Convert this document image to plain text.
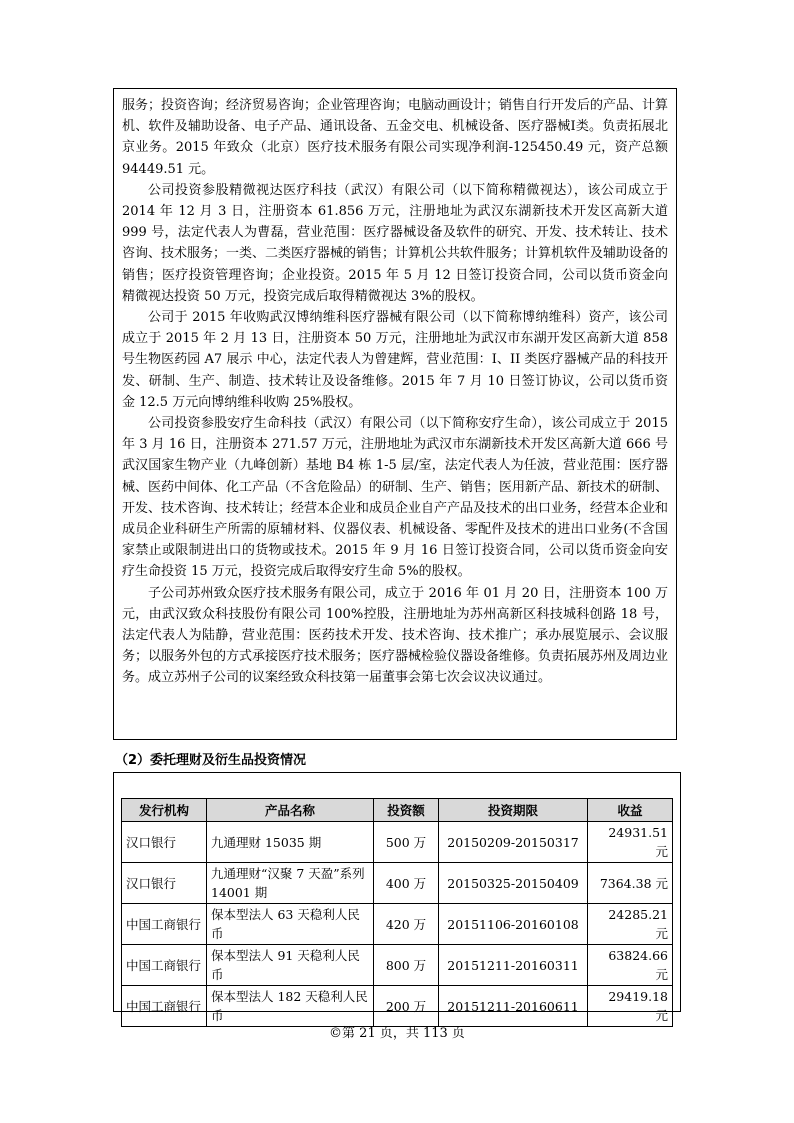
服务；投资咨询；经济贸易咨询；企业管理咨询；电脑动画设计；销售自行开发后的产品、计算机、软件及辅助设备、电子产品、通讯设备、五金交电、机械设备、医疗器械Ⅰ类。负责拓展北京业务。2015 年致众（北京）医疗技术服务有限公司实现净利润-125450.49 元，资产总额 94449.51 元。

公司投资参股精微视达医疗科技（武汉）有限公司（以下简称精微视达），该公司成立于 2014 年 12 月 3 日，注册资本 61.856 万元，注册地址为武汉东湖新技术开发区高新大道 999 号，法定代表人为曹磊，营业范围：医疗器械设备及软件的研究、开发、技术转让、技术咨询、技术服务；一类、二类医疗器械的销售；计算机公共软件服务；计算机软件及辅助设备的销售；医疗投资管理咨询；企业投资。2015 年 5 月 12 日签订投资合同，公司以货币资金向精微视达投资 50 万元，投资完成后取得精微视达 3%的股权。

公司于 2015 年收购武汉博纳维科医疗器械有限公司（以下简称博纳维科）资产，该公司成立于 2015 年 2 月 13 日，注册资本 50 万元，注册地址为武汉市东湖开发区高新大道 858 号生物医药园 A7 展示 中心，法定代表人为曾建辉，营业范围：I、II 类医疗器械产品的科技开发、研制、生产、制造、技术转让及设备维修。2015 年 7 月 10 日签订协议，公司以货币资金 12.5 万元向博纳维科收购 25%股权。

公司投资参股安疗生命科技（武汉）有限公司（以下简称安疗生命），该公司成立于 2015 年 3 月 16 日，注册资本 271.57 万元，注册地址为武汉市东湖新技术开发区高新大道 666 号武汉国家生物产业（九峰创新）基地 B4 栋 1-5 层/室，法定代表人为任波，营业范围：医疗器械、医药中间体、化工产品（不含危险品）的研制、生产、销售；医用新产品、新技术的研制、开发、技术咨询、技术转让；经营本企业和成员企业自产产品及技术的出口业务，经营本企业和成员企业科研生产所需的原辅材料、仪器仪表、机械设备、零配件及技术的进出口业务(不含国家禁止或限制进出口的货物或技术。2015 年 9 月 16 日签订投资合同，公司以货币资金向安疗生命投资 15 万元，投资完成后取得安疗生命 5%的股权。

子公司苏州致众医疗技术服务有限公司，成立于 2016 年 01 月 20 日，注册资本 100 万元，由武汉致众科技股份有限公司 100%控股，注册地址为苏州高新区科技城科创路 18 号，法定代表人为陆静，营业范围：医药技术开发、技术咨询、技术推广；承办展览展示、会议服务；以服务外包的方式承接医疗技术服务；医疗器械检验仪器设备维修。负责拓展苏州及周边业务。成立苏州子公司的议案经致众科技第一届董事会第七次会议决议通过。

（2）委托理财及衍生品投资情况
发行机构	产品名称	投资额	投资期限	收益
汉口银行	九通理财 15035 期	500 万	20150209-20150317	24931.51 元
汉口银行	九通理财“汉聚 7 天盈”系列 14001 期	400 万	20150325-20150409	7364.38 元
中国工商银行	保本型法人 63 天稳利人民币	420 万	20151106-20160108	24285.21 元
中国工商银行	保本型法人 91 天稳利人民币	800 万	20151211-20160311	63824.66 元
中国工商银行	保本型法人 182 天稳利人民币	200 万	20151211-20160611	29419.18 元
©第 21 页，共 113 页
